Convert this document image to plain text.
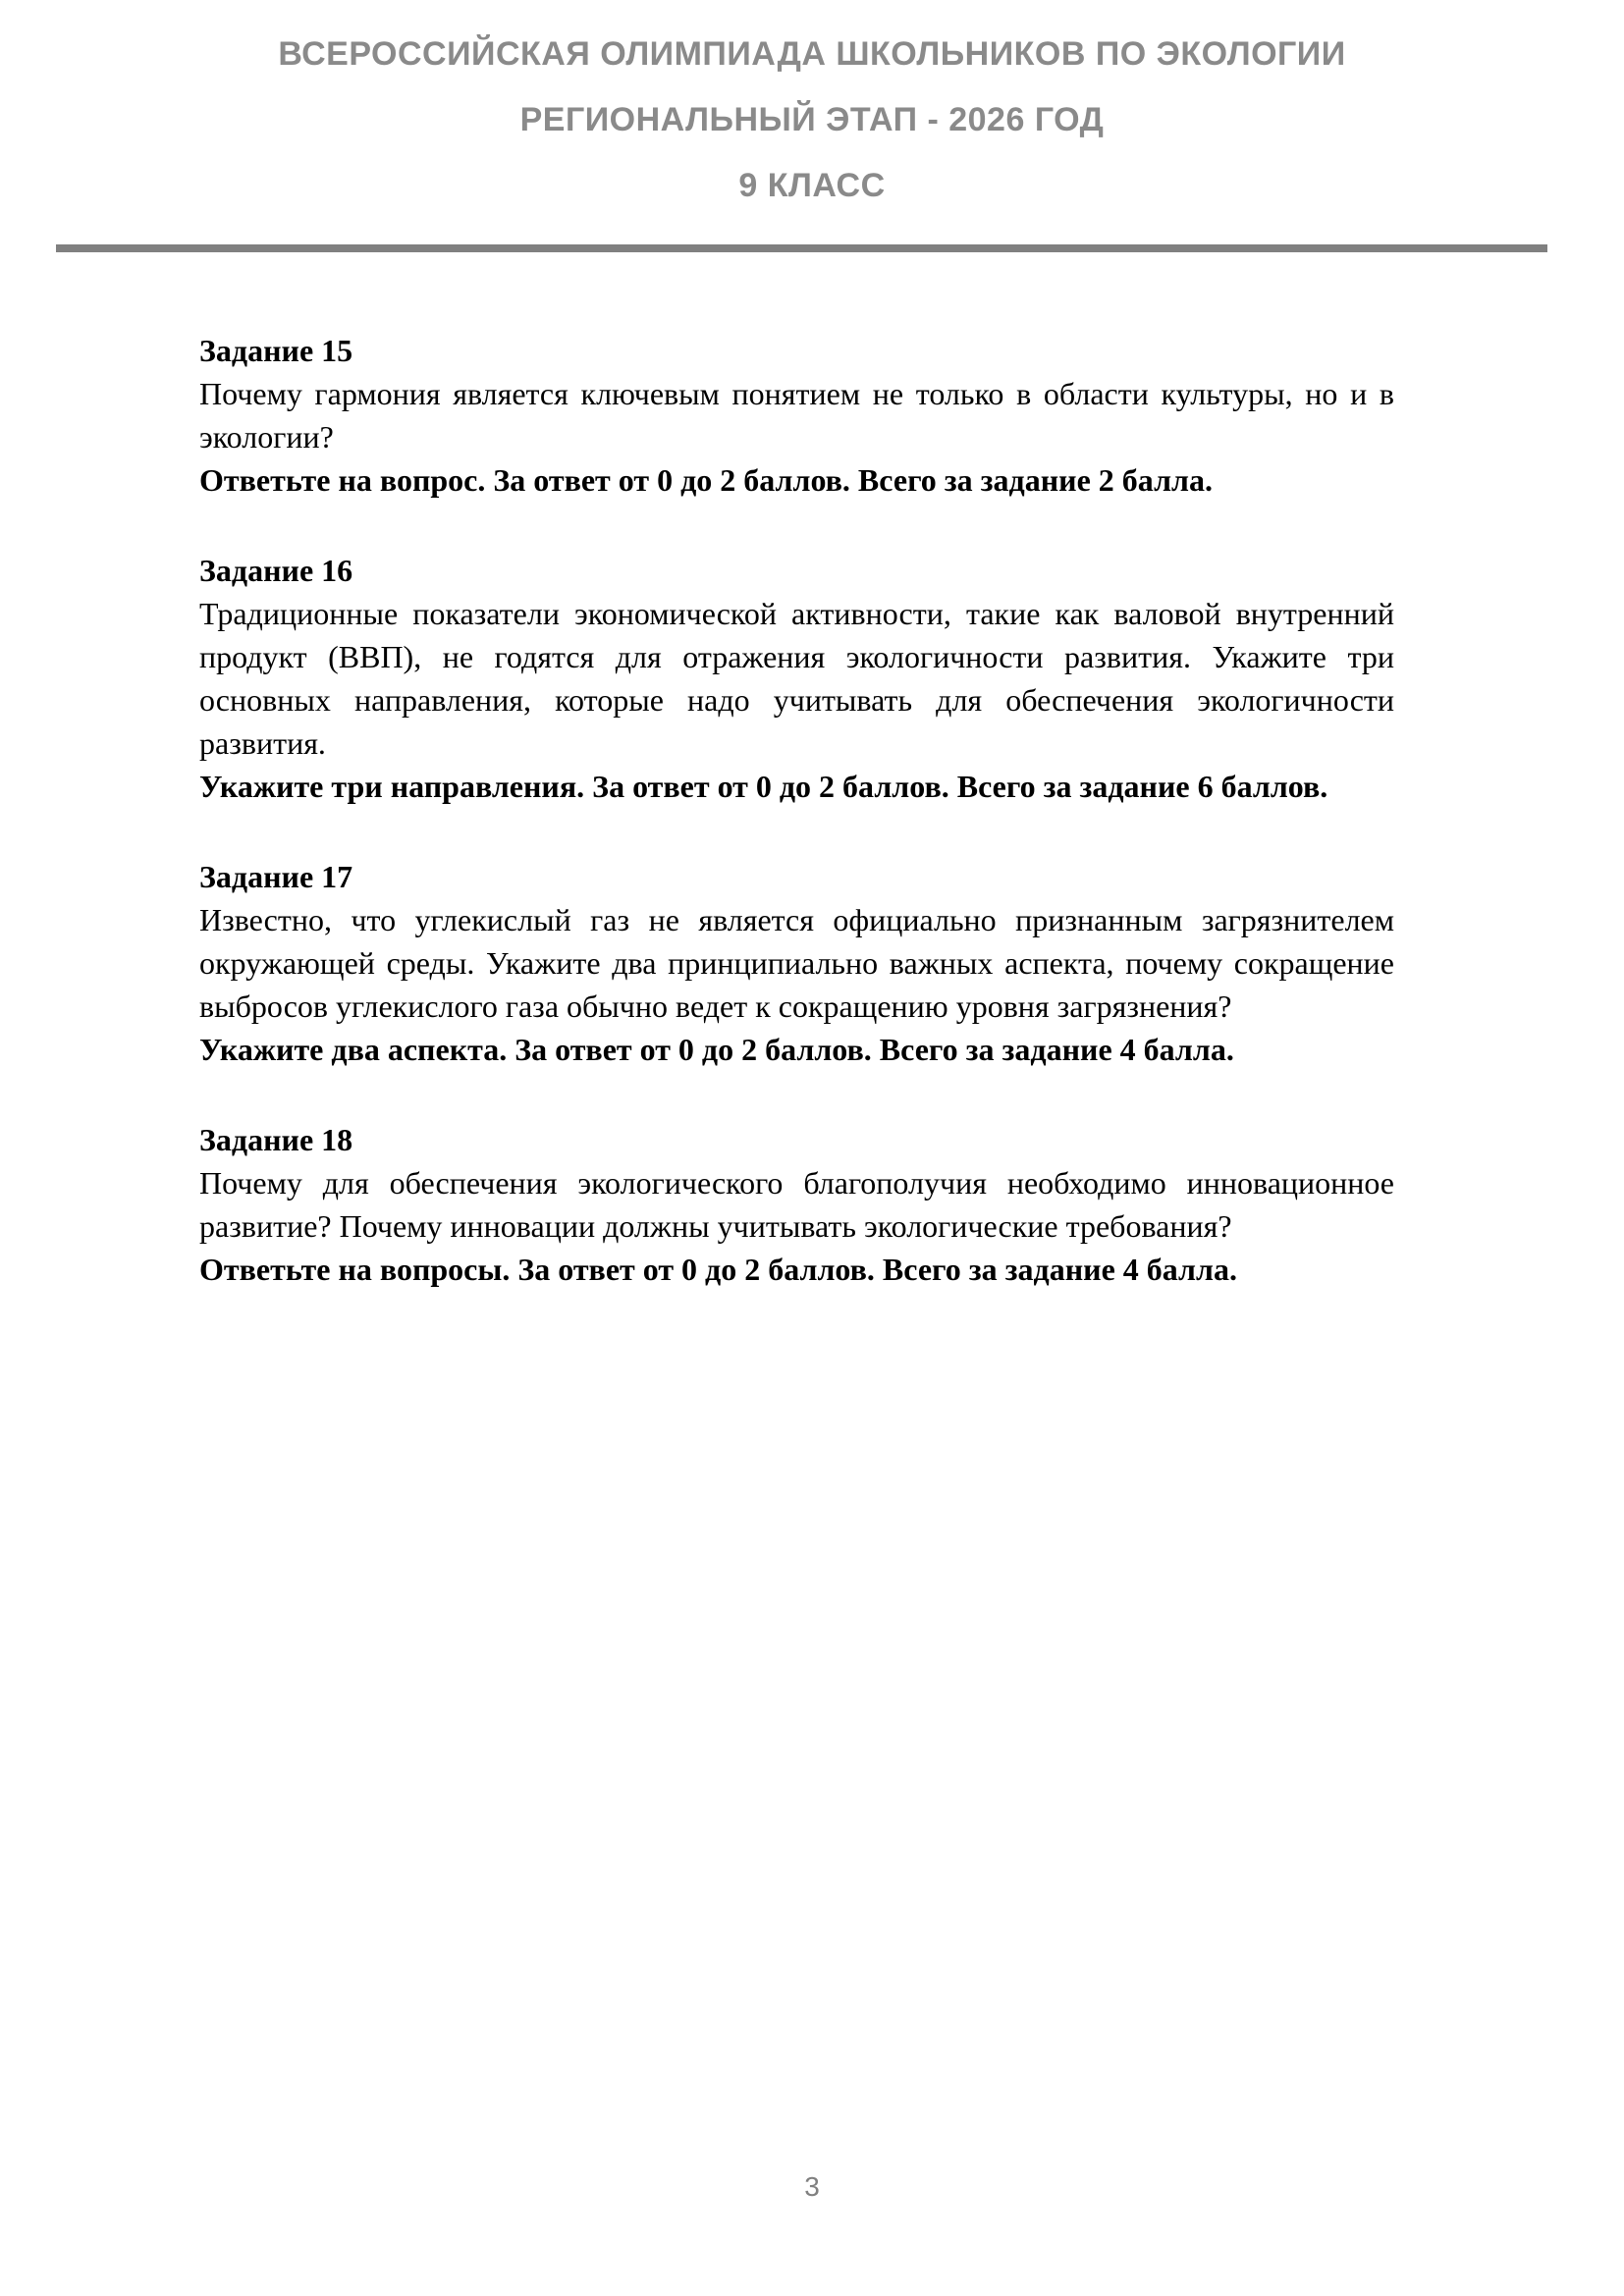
ВСЕРОССИЙСКАЯ ОЛИМПИАДА ШКОЛЬНИКОВ ПО ЭКОЛОГИИ
РЕГИОНАЛЬНЫЙ ЭТАП - 2026 ГОД
9 КЛАСС
Задание 15

Почему гармония является ключевым понятием не только в области культуры, но и в экологии?

Ответьте на вопрос. За ответ от 0 до 2 баллов. Всего за задание 2 балла.

Задание 16

Традиционные показатели экономической активности, такие как валовой внутренний продукт (ВВП), не годятся для отражения экологичности развития. Укажите три основных направления, которые надо учитывать для обеспечения экологичности развития.

Укажите три направления. За ответ от 0 до 2 баллов. Всего за задание 6 баллов.

Задание 17

Известно, что углекислый газ не является официально признанным загрязнителем окружающей среды. Укажите два принципиально важных аспекта, почему сокращение выбросов углекислого газа обычно ведет к сокращению уровня загрязнения?

Укажите два аспекта. За ответ от 0 до 2 баллов. Всего за задание 4 балла.

Задание 18

Почему для обеспечения экологического благополучия необходимо инновационное развитие? Почему инновации должны учитывать экологические требования?

Ответьте на вопросы. За ответ от 0 до 2 баллов. Всего за задание 4 балла.

3
